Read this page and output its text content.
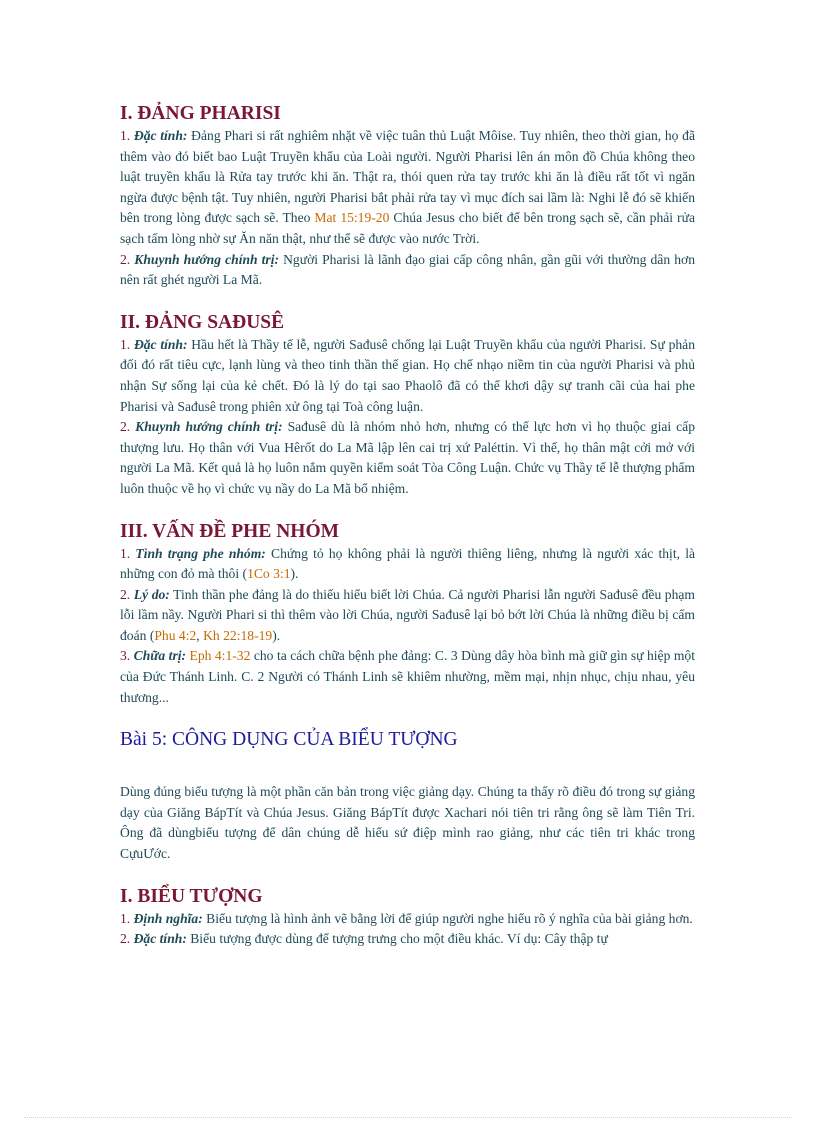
I. ĐẢNG PHARISI

1. Đặc tính: Đảng Phari si rất nghiêm nhặt về việc tuân thủ Luật Môise. Tuy nhiên, theo thời gian, họ đã thêm vào đó biết bao Luật Truyền khẩu của Loài người. Người Pharisi lên án môn đồ Chúa không theo luật truyền khẩu là Rửa tay trước khi ăn. Thật ra, thói quen rửa tay trước khi ăn là điều rất tốt vì ngăn ngừa được bệnh tật. Tuy nhiên, người Pharisi bắt phải rửa tay vì mục đích sai lầm là: Nghi lễ đó sẽ khiến bên trong lòng được sạch sẽ. Theo Mat 15:19-20 Chúa Jesus cho biết để bên trong sạch sẽ, cần phải rửa sạch tấm lòng nhờ sự Ăn năn thật, như thể sẽ được vào nước Trời.

2. Khuynh hướng chính trị: Người Pharisi là lãnh đạo giai cấp công nhân, gần gũi với thường dân hơn nên rất ghét người La Mã.

II. ĐẢNG SAĐUSÊ

1. Đặc tính: Hầu hết là Thầy tế lễ, người Sađusê chống lại Luật Truyền khẩu của người Pharisi. Sự phản đối đó rất tiêu cực, lạnh lùng và theo tinh thần thế gian. Họ chế nhạo niềm tin của người Pharisi và phủ nhận Sự sống lại của kẻ chết. Đó là lý do tại sao Phaolô đã có thể khơi dậy sự tranh cãi của hai phe Pharisi và Sađusê trong phiên xử ông tại Toà công luận.

2. Khuynh hướng chính trị: Sađusê dù là nhóm nhỏ hơn, nhưng có thế lực hơn vì họ thuộc giai cấp thượng lưu. Họ thân với Vua Hêrốt do La Mã lập lên cai trị xứ Paléttin. Vì thế, họ thân mật cởi mở với người La Mã. Kết quả là họ luôn nắm quyền kiểm soát Tòa Công Luận. Chức vụ Thầy tế lễ thượng phẩm luôn thuộc về họ vì chức vụ nầy do La Mã bổ nhiệm.

III. VẤN ĐỀ PHE NHÓM

1. Tình trạng phe nhóm: Chứng tỏ họ không phải là người thiêng liêng, nhưng là người xác thịt, là những con đỏ mà thôi (1Co 3:1).

2. Lý do: Tinh thần phe đảng là do thiếu hiểu biết lời Chúa. Cả người Pharisi lẫn người Sađusê đều phạm lỗi lầm nầy. Người Phari si thì thêm vào lời Chúa, người Sađusê lại bỏ bớt lời Chúa là những điều bị cấm đoán (Phu 4:2, Kh 22:18-19).

3. Chữa trị: Eph 4:1-32 cho ta cách chữa bệnh phe đảng: C. 3 Dùng dây hòa bình mà giữ gìn sự hiệp một của Đức Thánh Linh. C. 2 Người có Thánh Linh sẽ khiêm nhường, mềm mại, nhịn nhục, chịu nhau, yêu thương...

Bài 5: CÔNG DỤNG CỦA BIỂU TƯỢNG

Dùng đúng biểu tượng là một phần căn bản trong việc giảng dạy. Chúng ta thấy rõ điều đó trong sự giảng dạy của Giăng BápTít và Chúa Jesus. Giăng BápTít được Xachari nói tiên tri rằng ông sẽ làm Tiên Tri. Ông đã dùngbiểu tượng để dân chúng dễ hiểu sứ điệp mình rao giảng, như các tiên tri khác trong CựuƯớc.

I. BIỂU TƯỢNG

1. Định nghĩa: Biểu tượng là hình ảnh vẽ bằng lời để giúp người nghe hiểu rõ ý nghĩa của bài giảng hơn.

2. Đặc tính: Biểu tượng được dùng để tượng trưng cho một điều khác. Ví dụ: Cây thập tự
